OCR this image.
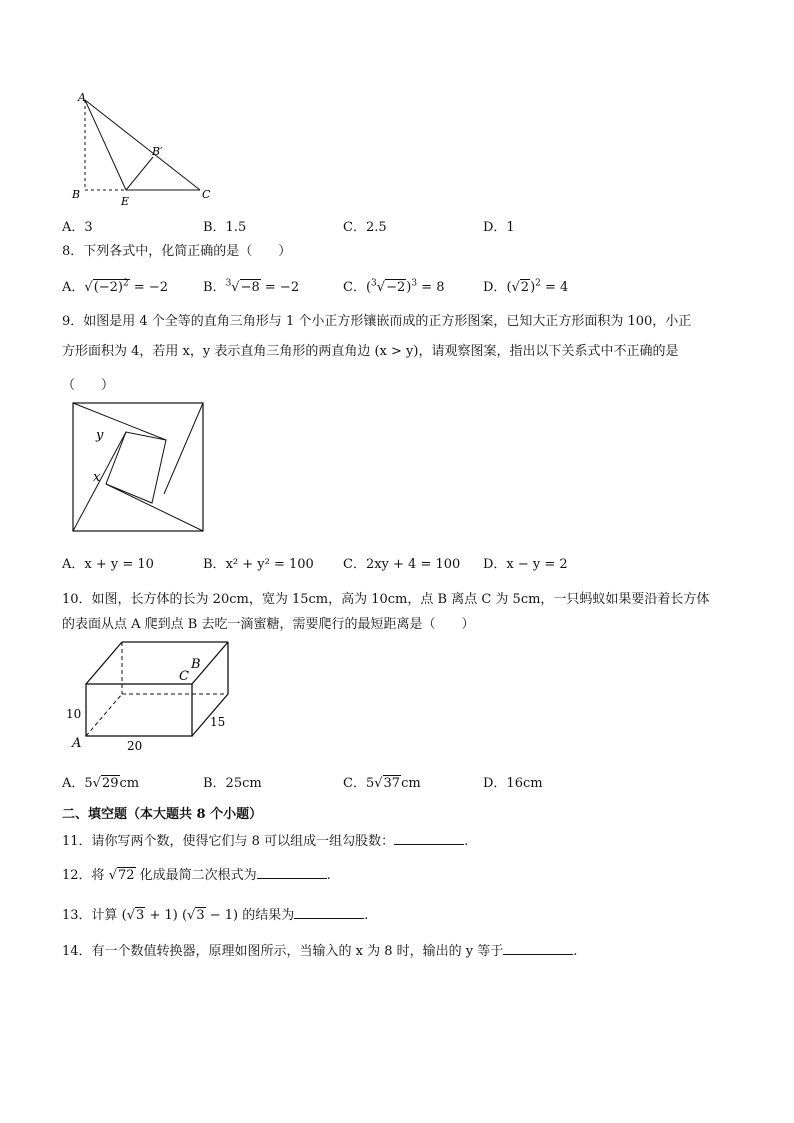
A
B
B′
C
E
A．3	B．1.5	C．2.5	D．1
8．下列各式中，化简正确的是（　　）
A．$√(-2)^2 = -2$	B．$^3$√−8 = −2	C．$(^3√-2)^3 = 8$	D．$(√2)^2 = 4$
9．如图是用 4 个全等的直角三角形与 1 个小正方形镶嵌而成的正方形图案，已知大正方形面积为 100，小正
方形面积为 4，若用 x，y 表示直角三角形的两直角边 (x > y)，请观察图案，指出以下关系式中不正确的是
（　　）
y
x
A．x + y = 10	B．x² + y² = 100 C．2xy + 4 = 100 D．x − y = 2
10．如图，长方体的长为 20cm，宽为 15cm，高为 10cm，点 B 离点 C 为 5cm，一只蚂蚁如果要沿着长方体
的表面从点 A 爬到点 B 去吃一滴蜜糖，需要爬行的最短距离是（　　）
B
C
A
10
20
15
A．5√29cm	B．25cm	C．5√37cm	D．16cm
二、填空题（本大题共 8 个小题）
11．请你写两个数，使得它们与 8 可以组成一组勾股数：	.
12．将 √72 化成最简二次根式为	.
13．计算 (√3 + 1) (√3 − 1) 的结果为	.
14．有一个数值转换器，原理如图所示，当输入的 x 为 8 时，输出的 y 等于	.
